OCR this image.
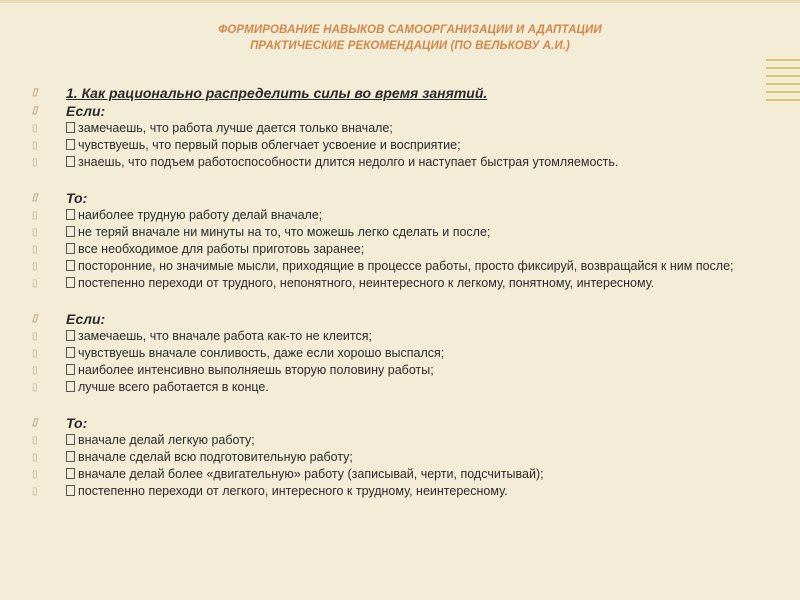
ФОРМИРОВАНИЕ НАВЫКОВ САМООРГАНИЗАЦИИ И АДАПТАЦИИ
ПРАКТИЧЕСКИЕ РЕКОМЕНДАЦИИ (ПО ВЕЛЬКОВУ А.И.)
▯	1. Как рационально распределить силы во время занятий.
▯	Если:
▯	замечаешь, что работа лучше дается только вначале;
▯	чувствуешь, что первый порыв облегчает усвоение и восприятие;
▯	знаешь, что подъем работоспособности длится недолго и наступает быстрая утомляемость.
▯	То:
▯	наиболее трудную работу делай вначале;
▯	не теряй вначале ни минуты на то, что можешь легко сделать и после;
▯	все необходимое для работы приготовь заранее;
▯	посторонние, но значимые мысли, приходящие в процессе работы, просто фиксируй, возвращайся к ним после;
▯	постепенно переходи от трудного, непонятного, неинтересного к легкому, понятному, интересному.
▯	Если:
▯	замечаешь, что вначале работа как-то не клеится;
▯	чувствуешь вначале сонливость, даже если хорошо выспался;
▯	наиболее интенсивно выполняешь вторую половину работы;
▯	лучше всего работается в конце.
▯	То:
▯	вначале делай легкую работу;
▯	вначале сделай всю подготовительную работу;
▯	вначале делай более «двигательную» работу (записывай, черти, подсчитывай);
▯	постепенно переходи от легкого, интересного к трудному, неинтересному.
